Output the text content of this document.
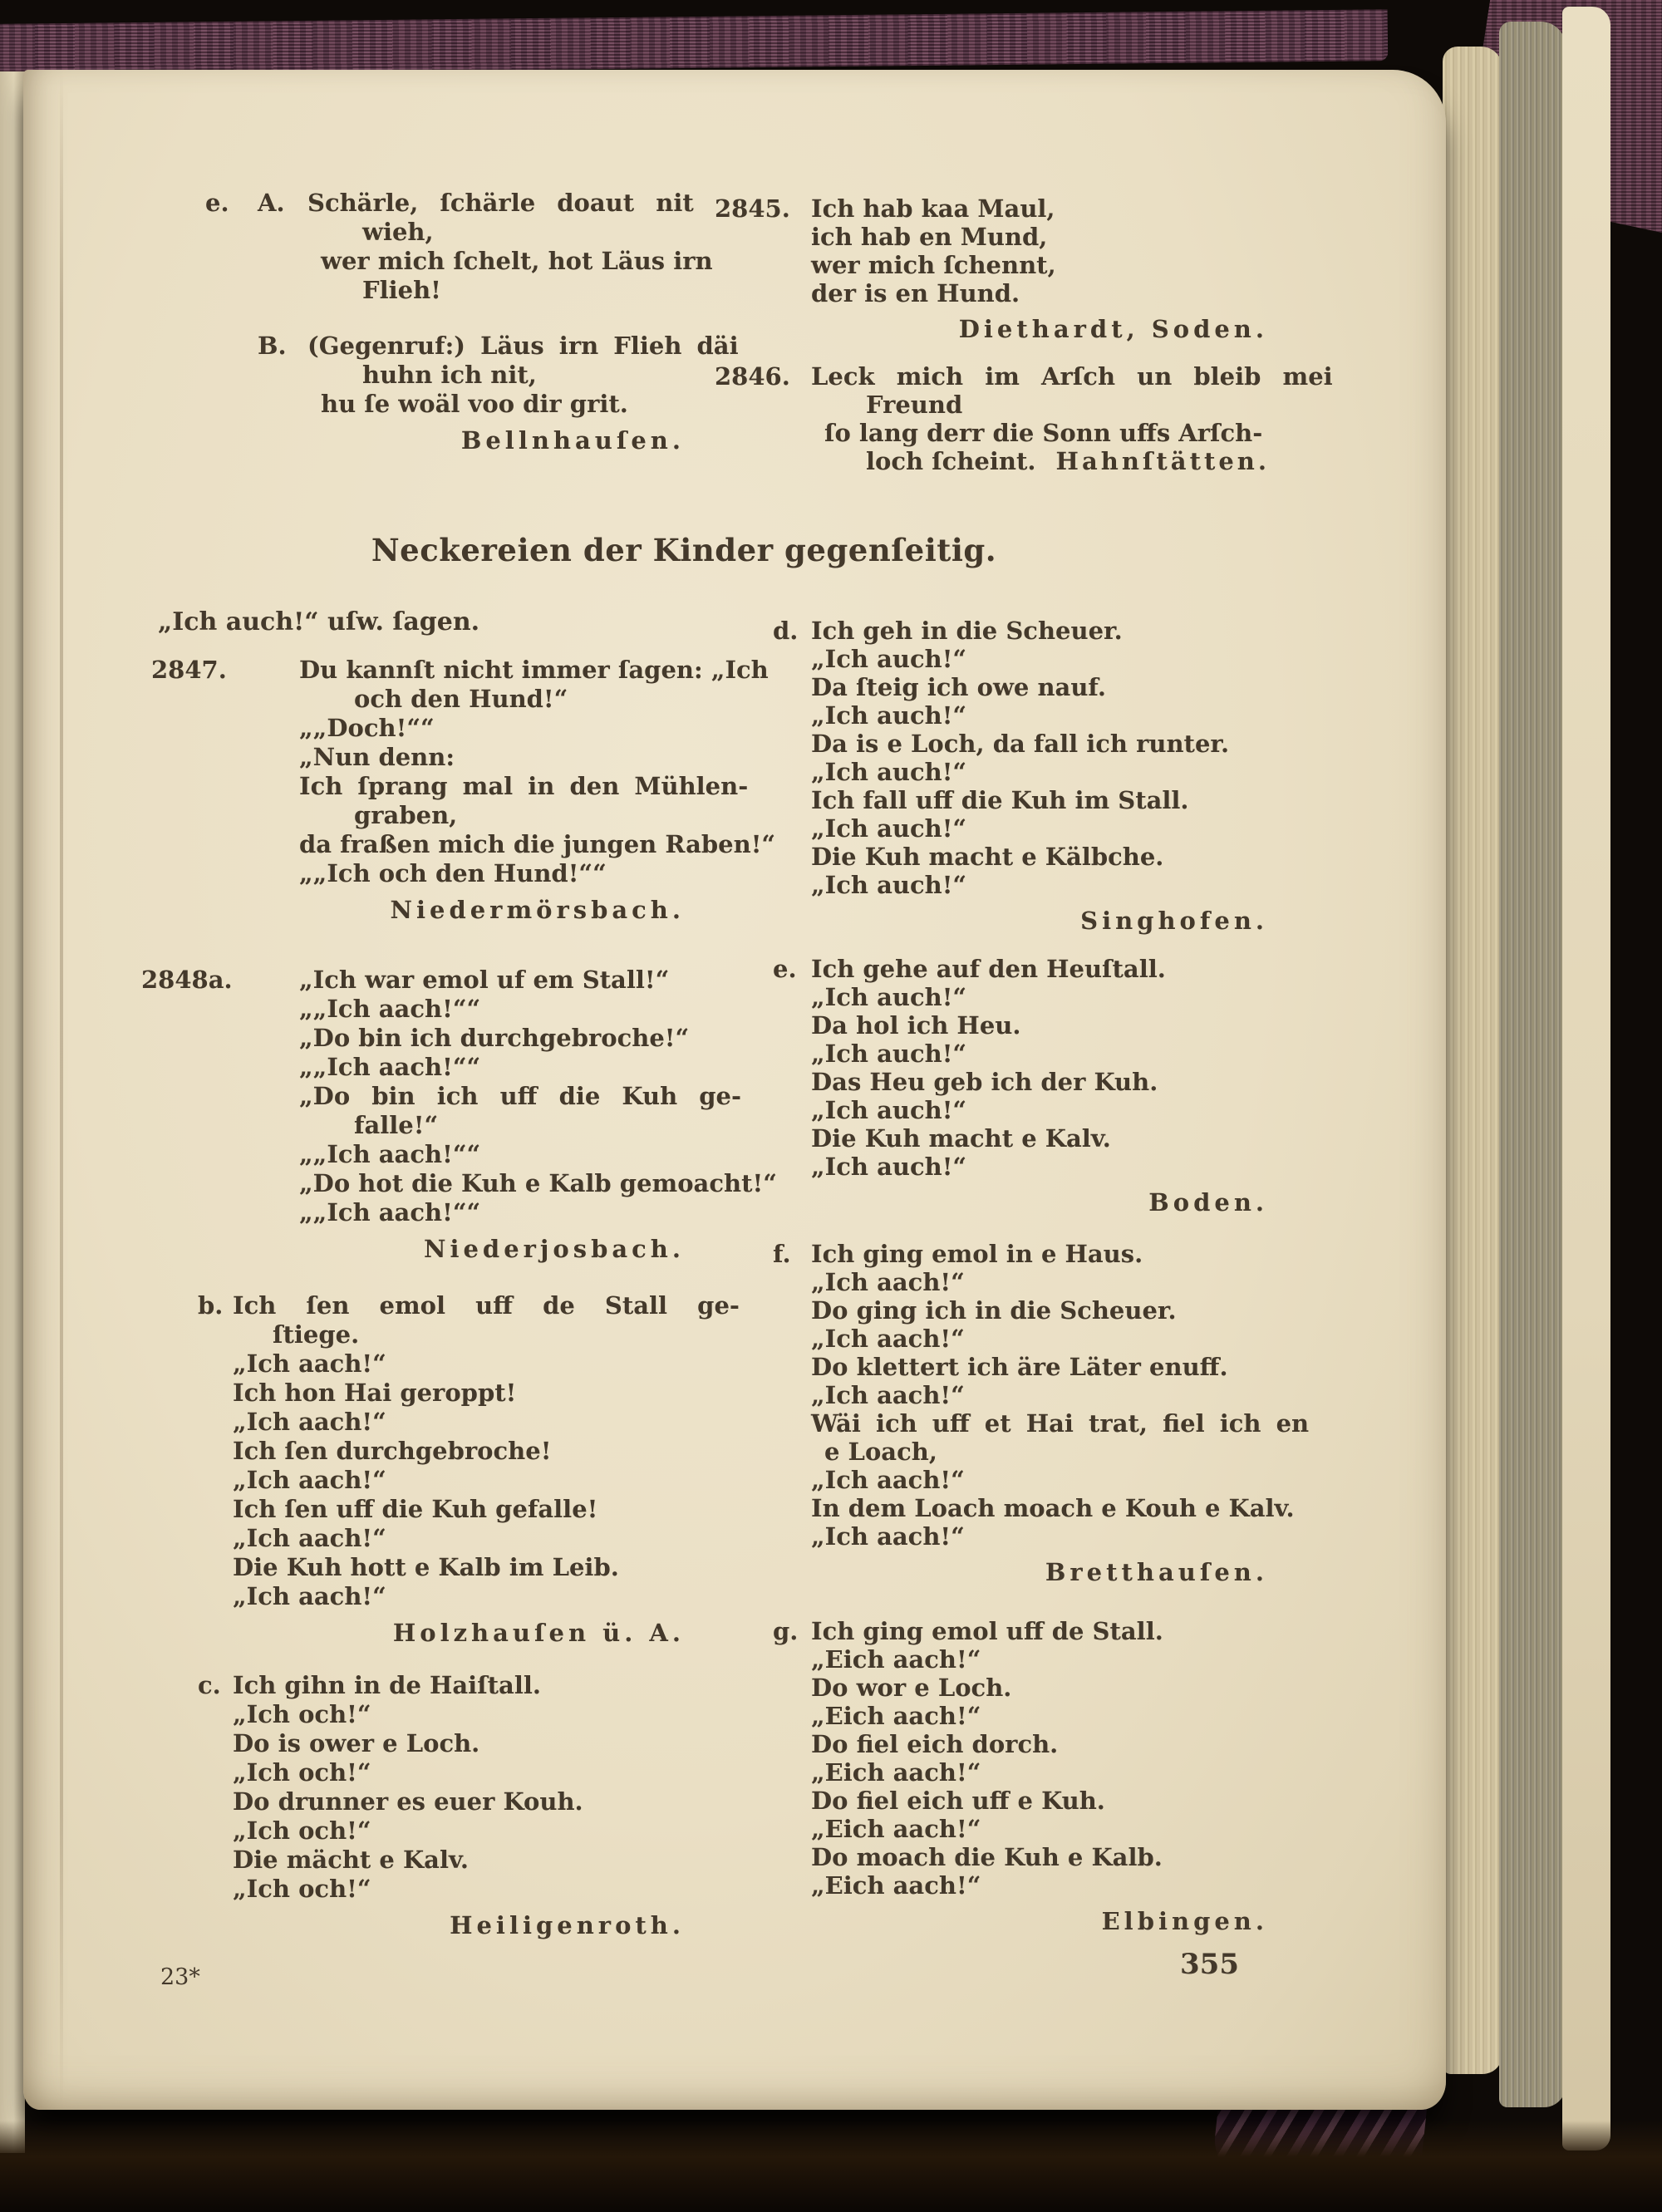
e. A. Schärle, ſchärle doaut nit
wieh,
wer mich ſchelt, hot Läus irn
Flieh!
B. (Gegenruf:) Läus irn Flieh däi
huhn ich nit,
hu ſe woäl voo dir grit.
Bellnhauſen.
2845. Ich hab kaa Maul,
ich hab en Mund,
wer mich ſchennt,
der is en Hund.
Diethardt, Soden.
2846. Leck mich im Arſch un bleib mei
Freund
ſo lang derr die Sonn uffs Arſch-
loch ſcheint. Hahnſtätten.
Neckereien der Kinder gegenſeitig.
„Ich auch!“ uſw. ſagen.
2847.	Du kannſt nicht immer ſagen: „Ich
och den Hund!“
„„Doch!““
„Nun denn:
Ich ſprang mal in den Mühlen-
graben,
da fraßen mich die jungen Raben!“
„„Ich och den Hund!““
Niedermörsbach.
2848a.	„Ich war emol uf em Stall!“
„„Ich aach!““
„Do bin ich durchgebroche!“
„„Ich aach!““
„Do bin ich uff die Kuh ge-
falle!“
„„Ich aach!““
„Do hot die Kuh e Kalb gemoacht!“
„„Ich aach!““
Niederjosbach.
b. Ich ſen emol uff de Stall ge-
ſtiege.
„Ich aach!“
Ich hon Hai geroppt!
„Ich aach!“
Ich ſen durchgebroche!
„Ich aach!“
Ich ſen uff die Kuh gefalle!
„Ich aach!“
Die Kuh hott e Kalb im Leib.
„Ich aach!“
Holzhauſen ü. A.
c. Ich gihn in de Haiſtall.
„Ich och!“
Do is ower e Loch.
„Ich och!“
Do drunner es euer Kouh.
„Ich och!“
Die mächt e Kalv.
„Ich och!“
Heiligenroth.
d. Ich geh in die Scheuer.
„Ich auch!“
Da ſteig ich owe nauf.
„Ich auch!“
Da is e Loch, da fall ich runter.
„Ich auch!“
Ich fall uff die Kuh im Stall.
„Ich auch!“
Die Kuh macht e Kälbche.
„Ich auch!“
Singhofen.
e. Ich gehe auf den Heuſtall.
„Ich auch!“
Da hol ich Heu.
„Ich auch!“
Das Heu geb ich der Kuh.
„Ich auch!“
Die Kuh macht e Kalv.
„Ich auch!“
Boden.
f. Ich ging emol in e Haus.
„Ich aach!“
Do ging ich in die Scheuer.
„Ich aach!“
Do klettert ich äre Läter enuff.
„Ich aach!“
Wäi ich uff et Hai trat, fiel ich en
e Loach,
„Ich aach!“
In dem Loach moach e Kouh e Kalv.
„Ich aach!“
Bretthauſen.
g. Ich ging emol uff de Stall.
„Eich aach!“
Do wor e Loch.
„Eich aach!“
Do fiel eich dorch.
„Eich aach!“
Do fiel eich uff e Kuh.
„Eich aach!“
Do moach die Kuh e Kalb.
„Eich aach!“
Elbingen.
23*	355
